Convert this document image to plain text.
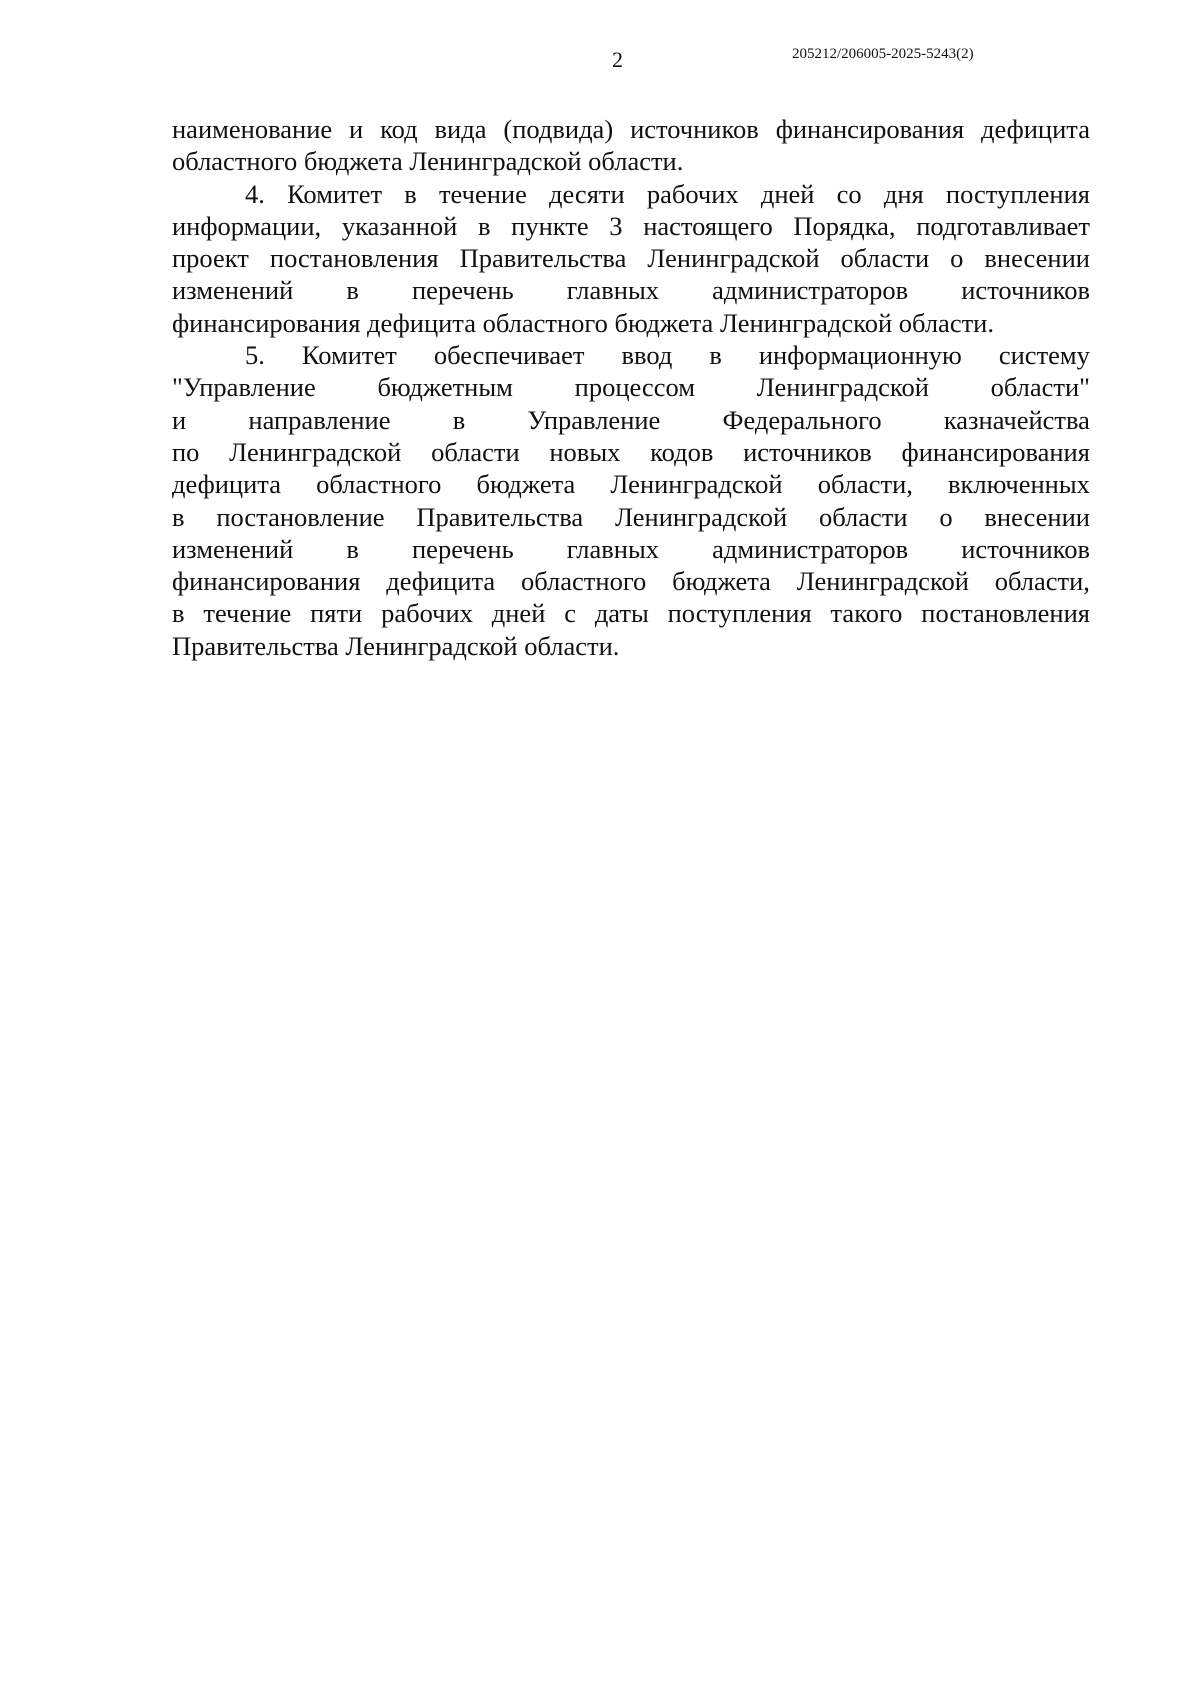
2	205212/206005-2025-5243(2)
наименование и код вида (подвида) источников финансирования дефицита
областного бюджета Ленинградской области.
4. Комитет в течение десяти рабочих дней со дня поступления
информации, указанной в пункте 3 настоящего Порядка, подготавливает
проект постановления Правительства Ленинградской области о внесении
изменений в перечень главных администраторов источников
финансирования дефицита областного бюджета Ленинградской области.
5. Комитет обеспечивает ввод в информационную систему
"Управление бюджетным процессом Ленинградской области"
и направление в Управление Федерального казначейства
по Ленинградской области новых кодов источников финансирования
дефицита областного бюджета Ленинградской области, включенных
в постановление Правительства Ленинградской области о внесении
изменений в перечень главных администраторов источников
финансирования дефицита областного бюджета Ленинградской области,
в течение пяти рабочих дней с даты поступления такого постановления
Правительства Ленинградской области.
